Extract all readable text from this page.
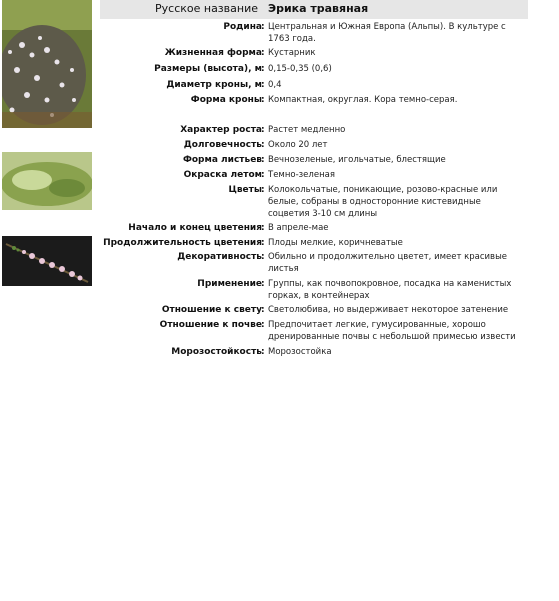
Русское название Эрика травяная
Родина : Центральная и Южная Европа (Альпы). В культуре с 1763 года.
Жизненная форма : Кустарник
Размеры (высота), м : 0,15-0,35 (0,6)
Диаметр кроны, м : 0,4
Форма кроны : Компактная, округлая. Кора темно-серая.
Характер роста : Растет медленно
Долговечность : Около 20 лет
Форма листьев : Вечнозеленые, игольчатые, блестящие
Окраска летом : Темно-зеленая
Цветы : Колокольчатые, поникающие, розово-красные или белые, собраны в односторонние кистевидные соцветия 3-10 см длины
Начало и конец цветения : В апреле-мае
Продолжительность цветения : Плоды мелкие, коричневатые
Декоративность : Обильно и продолжительно цветет, имеет красивые листья
Применение : Группы, как почвопокровное, посадка на каменистых горках, в контейнерах
Отношение к свету : Светолюбива, но выдерживает некоторое затенение
Отношение к почве : Предпочитает легкие, гумусированные, хорошо дренированные почвы с небольшой примесью извести
Морозостойкость : Морозостойка
